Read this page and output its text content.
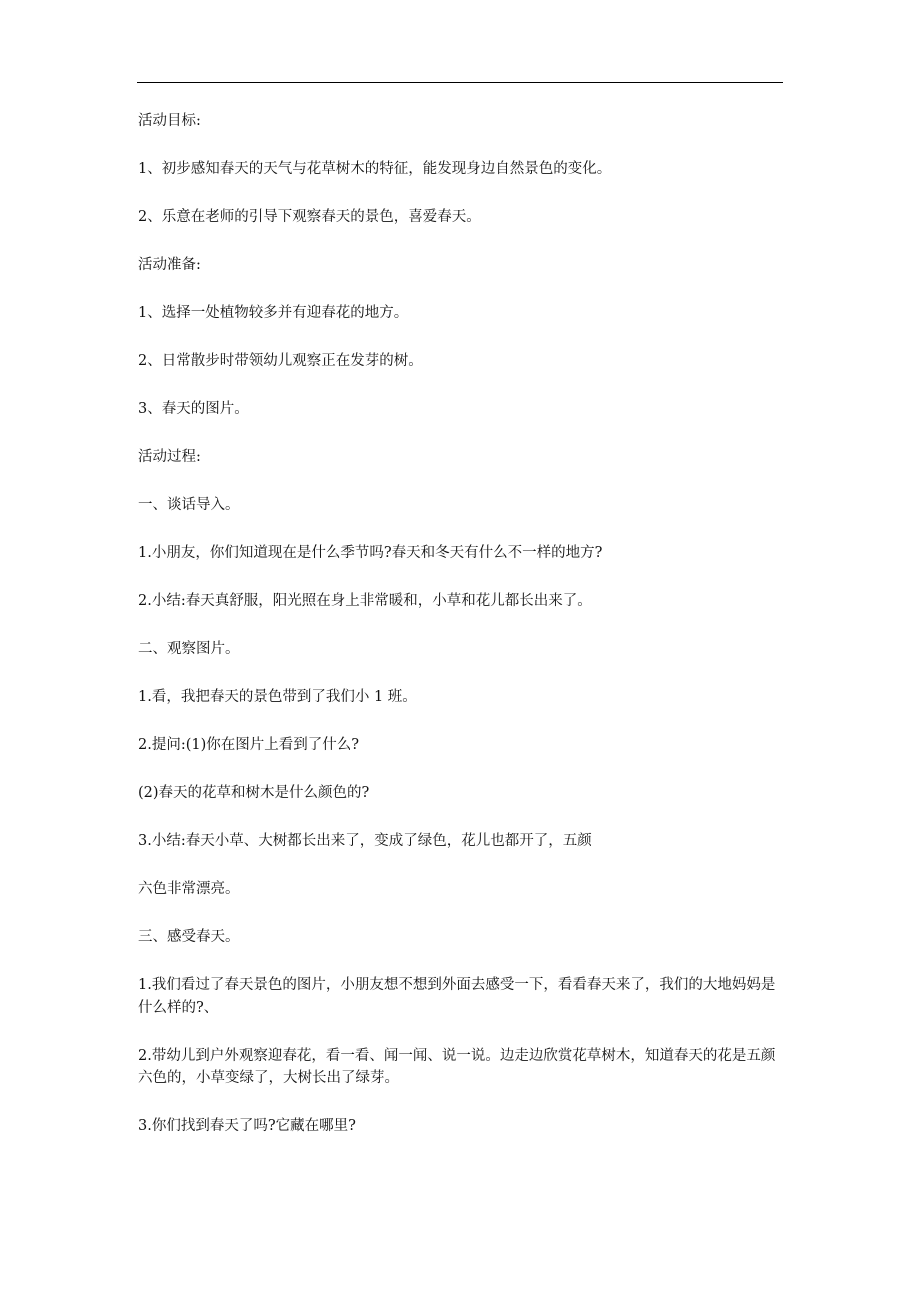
活动目标:

1、初步感知春天的天气与花草树木的特征，能发现身边自然景色的变化。

2、乐意在老师的引导下观察春天的景色，喜爱春天。

活动准备:

1、选择一处植物较多并有迎春花的地方。

2、日常散步时带领幼儿观察正在发芽的树。

3、春天的图片。

活动过程:

一、谈话导入。

1.小朋友，你们知道现在是什么季节吗?春天和冬天有什么不一样的地方?

2.小结:春天真舒服，阳光照在身上非常暖和，小草和花儿都长出来了。

二、观察图片。

1.看，我把春天的景色带到了我们小 1 班。

2.提问:(1)你在图片上看到了什么?

(2)春天的花草和树木是什么颜色的?

3.小结:春天小草、大树都长出来了，变成了绿色，花儿也都开了，五颜

六色非常漂亮。

三、感受春天。

1.我们看过了春天景色的图片，小朋友想不想到外面去感受一下，看看春天来了，我们的大地妈妈是什么样的?、

2.带幼儿到户外观察迎春花，看一看、闻一闻、说一说。边走边欣赏花草树木，知道春天的花是五颜六色的，小草变绿了，大树长出了绿芽。

3.你们找到春天了吗?它藏在哪里?
